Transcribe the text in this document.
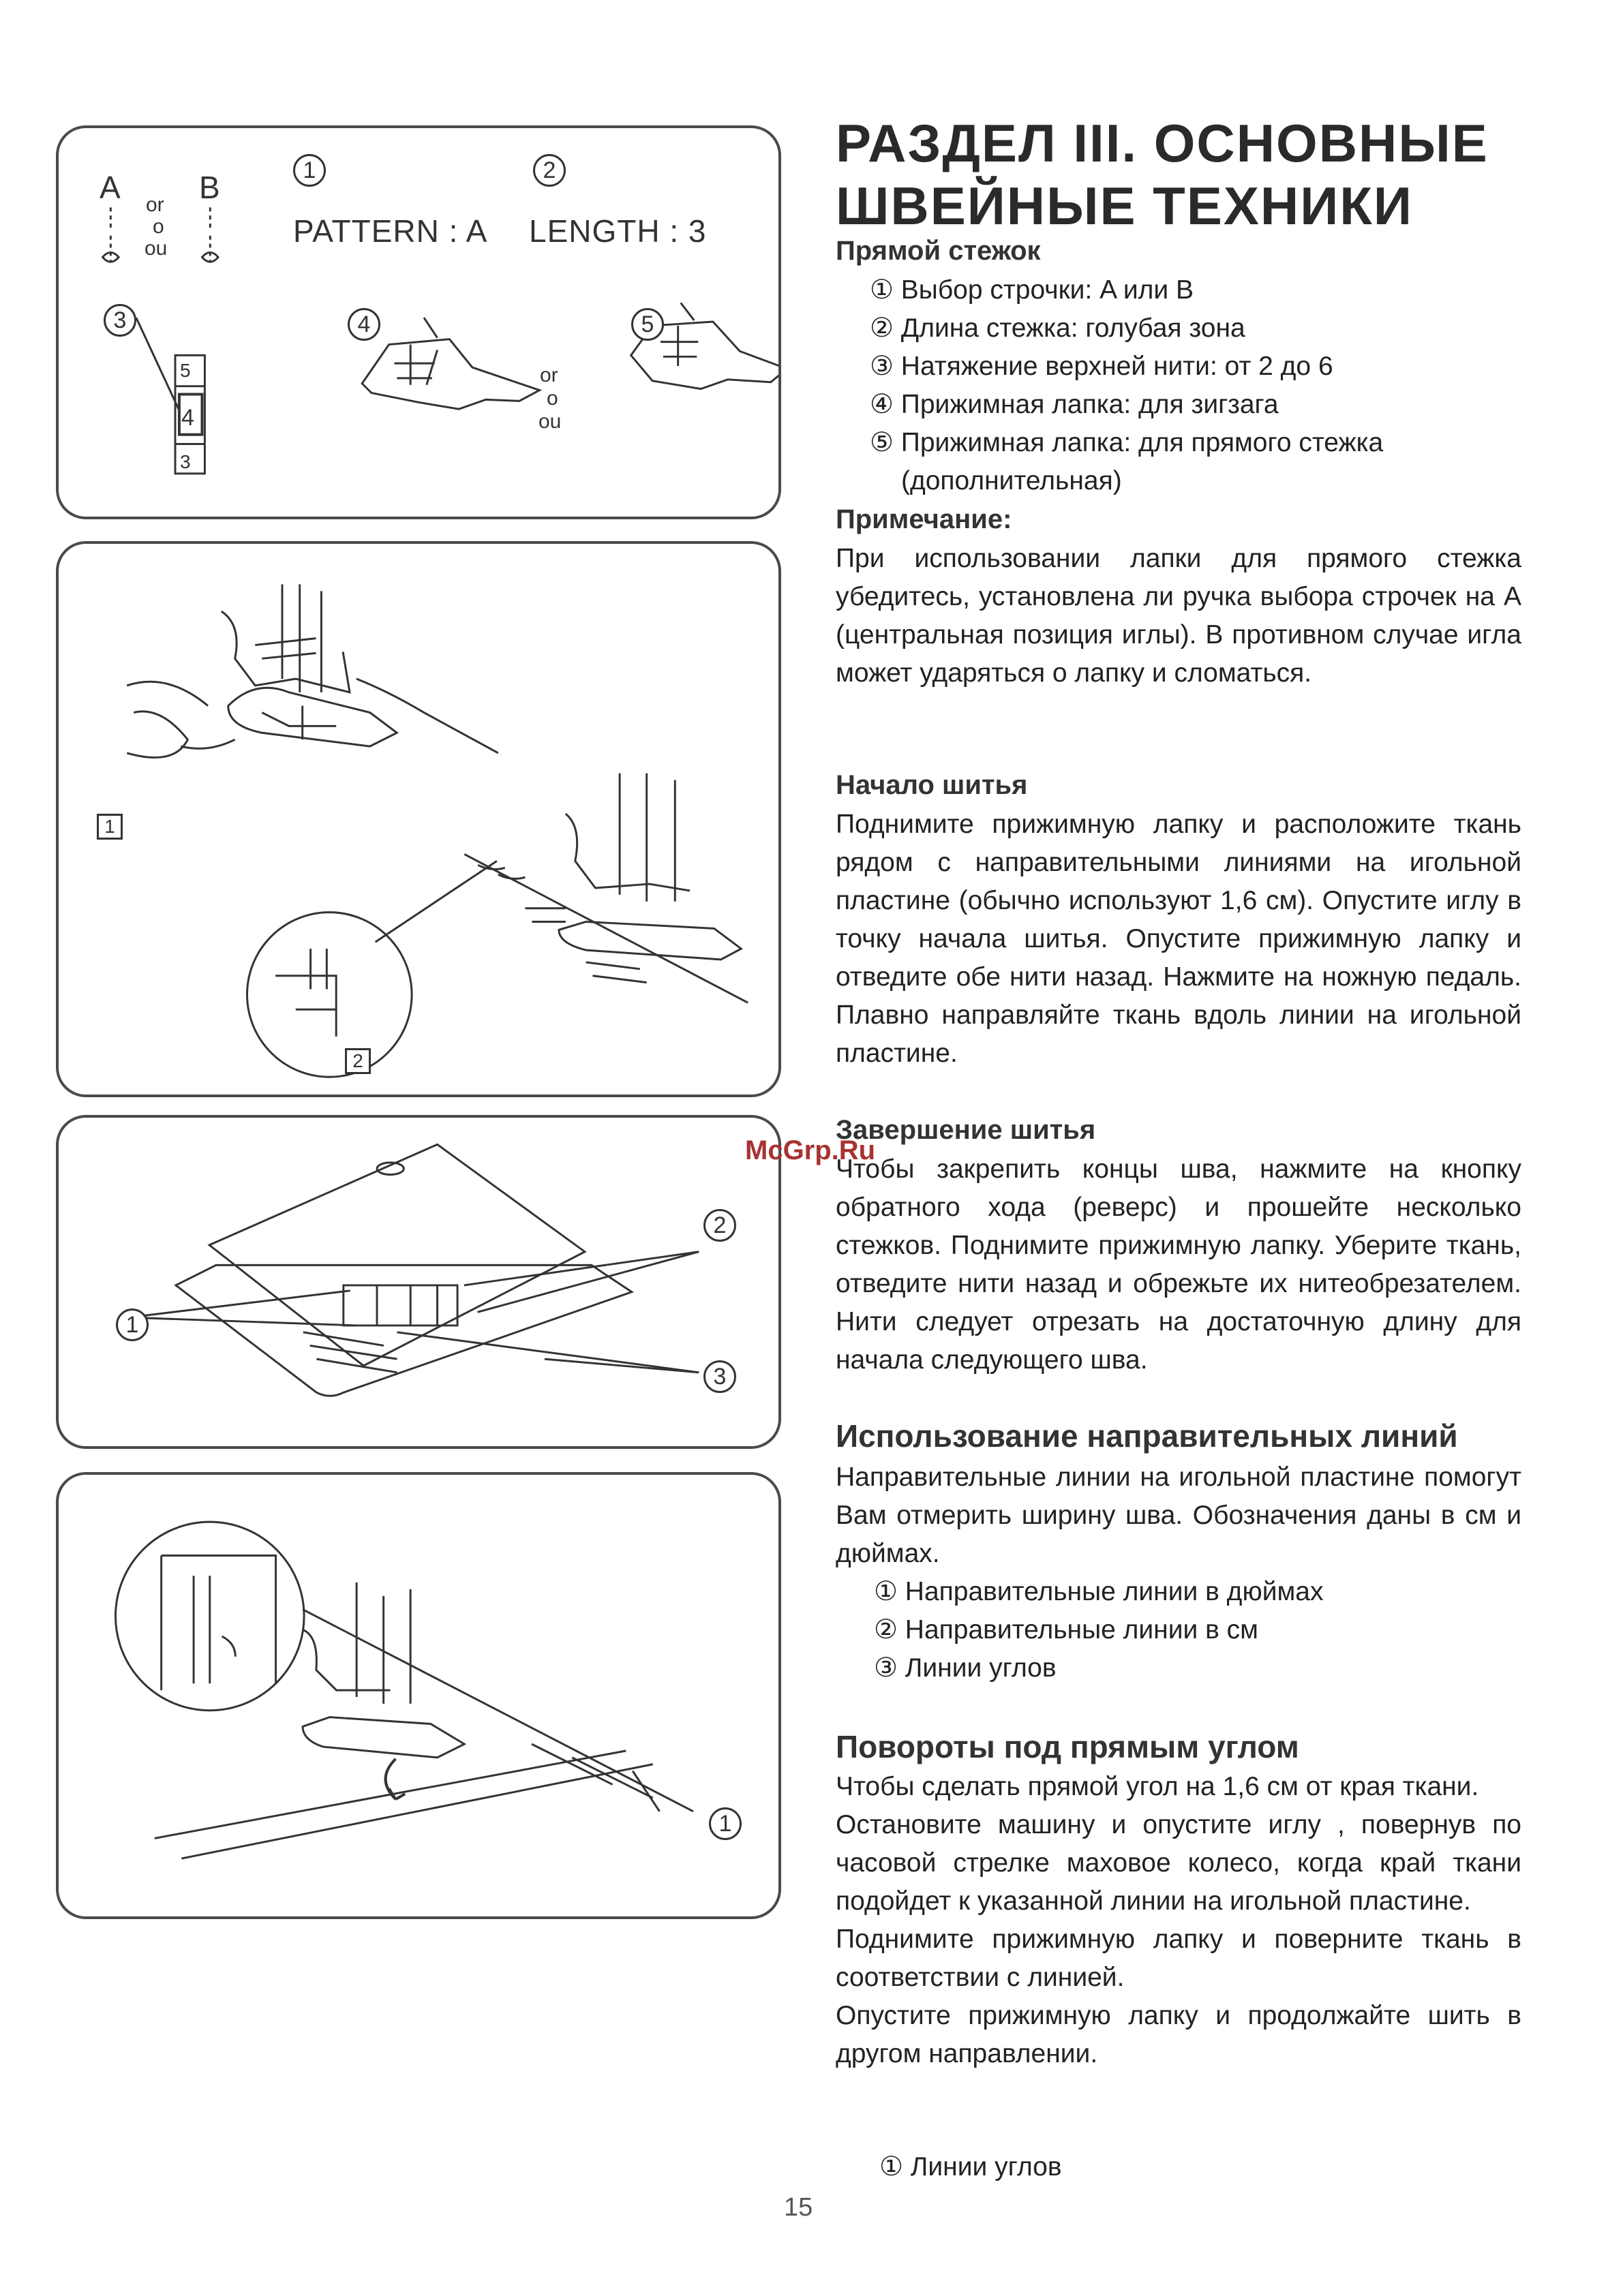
A B
or
o
ou
1	2
PATTERN : A LENGTH : 3
3	4	5
5
4
3
or
o
ou
1
2
1
2
3
1
McGrp.Ru
РАЗДЕЛ III. ОСНОВНЫЕ
ШВЕЙНЫЕ ТЕХНИКИ
Прямой стежок
① Выбор строчки: A или B
② Длина стежка: голубая зона
③ Натяжение верхней нити: от 2 до 6
④ Прижимная лапка: для зигзага
⑤ Прижимная лапка: для прямого стежка
(дополнительная)
Примечание:

При использовании лапки для прямого стежка убедитесь, установлена ли ручка выбора строчек на A (центральная позиция иглы). В противном случае игла может ударяться о лапку и сломаться.

Начало шитья

Поднимите прижимную лапку и расположите ткань рядом с направительными линиями на игольной пластине (обычно используют 1,6 см). Опустите иглу в точку начала шитья. Опустите прижимную лапку и отведите обе нити назад. Нажмите на ножную педаль. Плавно направляйте ткань вдоль линии на игольной пластине.

Завершение шитья

Чтобы закрепить концы шва, нажмите на кнопку обратного хода (реверс) и прошейте несколько стежков. Поднимите прижимную лапку. Уберите ткань, отведите нити назад и обрежьте их нитеобрезателем. Нити следует отрезать на достаточную длину для начала следующего шва.

Использование направительных линий

Направительные линии на игольной пластине помогут Вам отмерить ширину шва. Обозначения даны в см и дюймах.

① Направительные линии в дюймах
② Направительные линии в см
③ Линии углов
Повороты под прямым углом

Чтобы сделать прямой угол на 1,6 см от края ткани.

Остановите машину и опустите иглу , повернув по часовой стрелке маховое колесо, когда край ткани подойдет к указанной линии на игольной пластине.

Поднимите прижимную лапку и поверните ткань в соответствии с линией.

Опустите прижимную лапку и продолжайте шить в другом направлении.

① Линии углов
15
